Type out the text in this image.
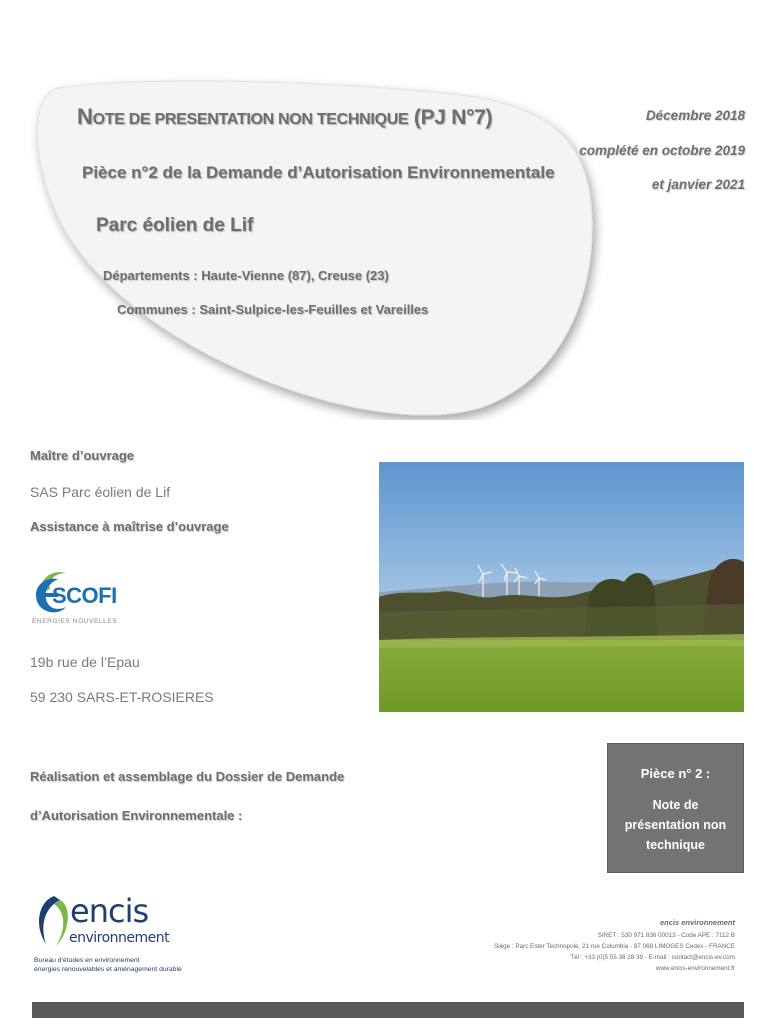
NOTE DE PRESENTATION NON TECHNIQUE (PJ N°7)
Pièce n°2 de la Demande d’Autorisation Environnementale
Parc éolien de Lif
Départements : Haute-Vienne (87), Creuse (23)
Communes : Saint-Sulpice-les-Feuilles et Vareilles
Décembre 2018
complété en octobre 2019
et janvier 2021
Maître d’ouvrage
SAS Parc éolien de Lif
Assistance à maîtrise d’ouvrage
SCOFI
ENERGIES NOUVELLES
19b rue de l’Epau
59 230 SARS-ET-ROSIERES
Réalisation et assemblage du Dossier de Demande
d’Autorisation Environnementale :
Pièce n° 2 :
Note de présentation non technique
encis
environnement
Bureau d'études en environnement
énergies renouvelables et aménagement durable
encis environnement
SIRET : 530 971 836 00013 - Code APE : 7112 B
Siège : Parc Ester Technopole, 21 rue Columbia - 87 068 LIMOGES Cedex - FRANCE
Tél : +33 (0)5 55 36 28 39 - E-mail : contact@encis-ev.com
www.encis-environnement.fr
